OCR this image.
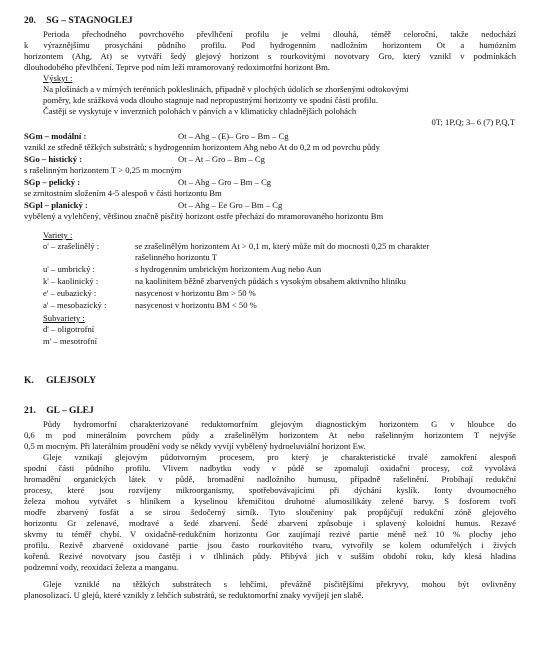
20. SG – STAGNOGLEJ
Perioda přechodného povrchového převlhčení profilu je velmi dlouhá, téměř celoroční, takže nedochází
k výraznějšímu prosychání půdního profilu. Pod hydrogenním nadložním horizontem Ot a humózním
horizontem (Ahg, At) se vytváří šedý glejový horizont s rourkovitými novotvary Gro, který vznikl v podmínkách
dlouhodobého převlhčení. Teprve pod ním leží mramorovaný redoximorfní horizont Bm.
Výskyt :
Na plošinách a v mírných terénních pokleslinách, případně v plochých údolích se zhoršenými odtokovými
poměry, kde srážková voda dlouho stagnuje nad nepropustnými horizonty ve spodní části profilu.
Častěji se vyskytuje v inverzních polohách v pánvích a v klimaticky chladnějších polohách
0T; 1P,Q; 3– 6 (7) P,Q,T
SGm – modální :	Ot – Ahg – (E)– Gro – Bm – Cg
vznikl ze středně těžkých substrátů; s hydrogenním horizontem Ahg nebo At do 0,2 m od povrchu půdy
SGo – histický :	Ot – At – Gro – Bm – Cg
s rašelinným horizontem T > 0,25 m mocným
SGp – pelický :	Ot – Ahg – Gro – Bm – Cg
se zrnitostním složením 4-5 alespoň v části horizontu Bm
SGpl – planický :	Ot – Ahg – Ee Gro – Bm – Cg
vybělený a vylehčený, většinou značně písčitý horizont ostře přechází do mramorovaného horizontu Bm
Variety :
o' – zrašelinělý :	se zrašelinělým horizontem At > 0,1 m, který může mít do mocnosti 0,25 m charakter
rašelinného horizontu T
u' – umbrický :	s hydrogenním umbrickým horizontem Aug nebo Aun
k' – kaolinický :	na kaolinitem běžně zbarvených půdách s vysokým obsahem aktivního hliníku
e' – eubazický :	nasycenost v horizontu Bm > 50 %
a' – mesobazický :	nasycenost v horizontu BM < 50 %
Subvariety :
d' – oligotrofní
m' – mesotrofní
K. GLEJSOLY
21. GL – GLEJ
Půdy hydromorfní charakterizované reduktomorfním glejovým diagnostickým horizontem G v hloubce do
0,6 m pod minerálním povrchem půdy a zrašelinělým horizontem At nebo rašelinným horizontem T nejvýše
0,5 m mocným. Při laterálním proudění vody se někdy vyvíjí vybělený hydroeluviální horizont Ew.
Gleje vznikají glejovým půdotvorným procesem, pro který je charakteristické trvalé zamokření alespoň
spodní části půdního profilu. Vlivem nadbytku vody v půdě se zpomalují oxidační procesy, což vyvolává
hromadění organických látek v půdě, hromadění nadložního humusu, případně rašelinění. Probíhají redukční
procesy, které jsou rozvíjeny mikroorganismy, spotřebovávajícími při dýchání kyslík. Ionty dvoumocného
železa mohou vytvářet s hliníkem a kyselinou křemičitou druhotné alumosilikáty zelené barvy. S fosforem tvoří
modře zbarvený fosfát a se sirou šedočerný sirník. Tyto sloučeniny pak propůjčují redukční zóně glejového
horizontu Gr zelenavé, modravé a šedé zbarvení. Šedé zbarvení způsobuje i splavený koloidní humus. Rezavé
skvrny tu téměř chybí. V oxidačně-redukčním horizontu Gor zaujímají rezivé partie méně než 10 % plochy jeho
profilu. Rezivě zbarvené oxidované partie jsou často rourkovitého tvaru, vytvořily se kolem odumřelých i živých
kořenů. Rezivé novotvary jsou častěji i v tlhlinách půdy. Přibývá jich v sušším období roku, kdy klesá hladina
podzemní vody, reoxidací železa a manganu.
Gleje vzniklé na těžkých substrátech s lehčími, převážně písčitějšími překryvy, mohou být ovlivněny
planosolizací. U glejů, které vznikly z lehčích substrátů, se reduktomorfní znaky vyvíjejí jen slabě.
